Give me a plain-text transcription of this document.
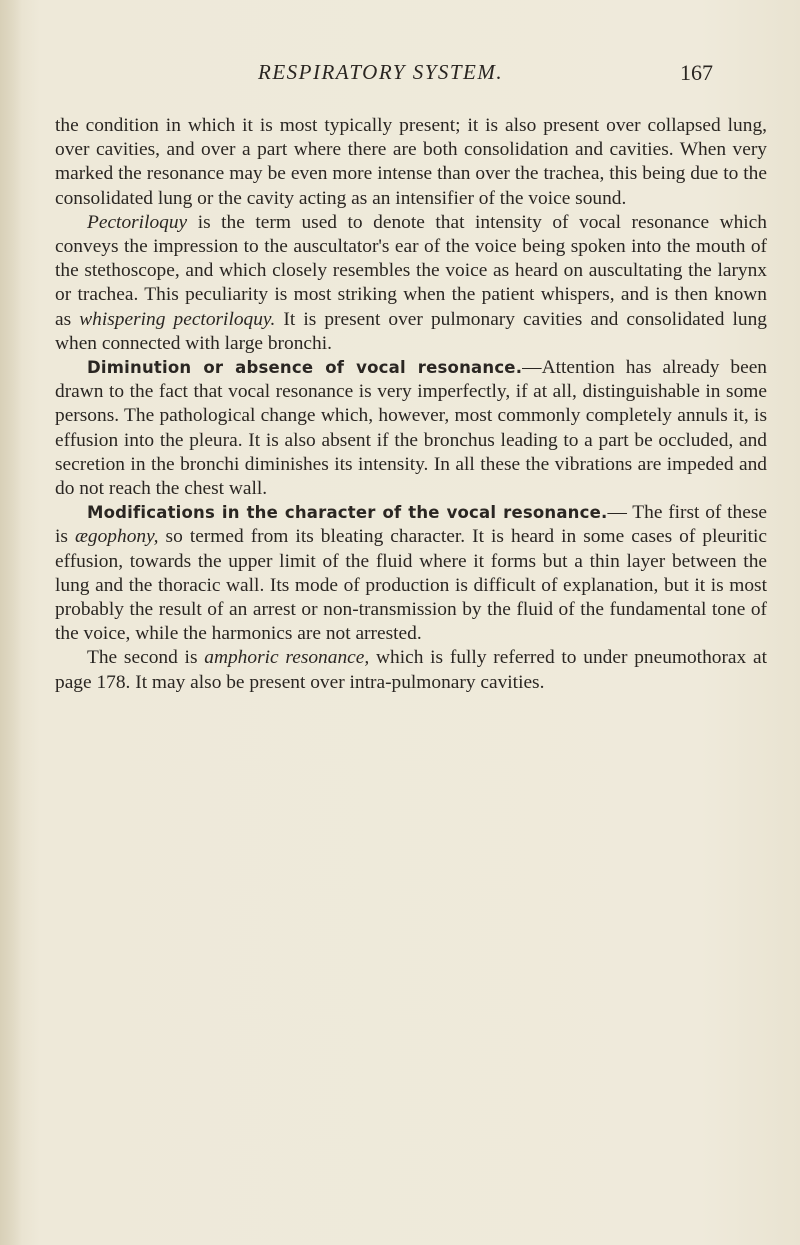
RESPIRATORY SYSTEM.	167

the condition in which it is most typically present; it is also present over collapsed lung, over cavities, and over a part where there are both consolidation and cavities. When very marked the resonance may be even more intense than over the trachea, this being due to the consolidated lung or the cavity acting as an intensifier of the voice sound.

Pectoriloquy is the term used to denote that intensity of vocal resonance which conveys the impression to the auscultator's ear of the voice being spoken into the mouth of the stethoscope, and which closely resembles the voice as heard on auscultating the larynx or trachea. This peculiarity is most striking when the patient whispers, and is then known as whispering pectoriloquy. It is present over pulmonary cavities and consolidated lung when connected with large bronchi.

Diminution or absence of vocal resonance.—Attention has already been drawn to the fact that vocal resonance is very imperfectly, if at all, distinguishable in some persons. The pathological change which, however, most commonly completely annuls it, is effusion into the pleura. It is also absent if the bronchus leading to a part be occluded, and secretion in the bronchi diminishes its intensity. In all these the vibrations are impeded and do not reach the chest wall.

Modifications in the character of the vocal resonance.— The first of these is ægophony, so termed from its bleating character. It is heard in some cases of pleuritic effusion, towards the upper limit of the fluid where it forms but a thin layer between the lung and the thoracic wall. Its mode of production is difficult of explanation, but it is most probably the result of an arrest or non-transmission by the fluid of the fundamental tone of the voice, while the harmonics are not arrested.

The second is amphoric resonance, which is fully referred to under pneumothorax at page 178. It may also be present over intra-pulmonary cavities.
